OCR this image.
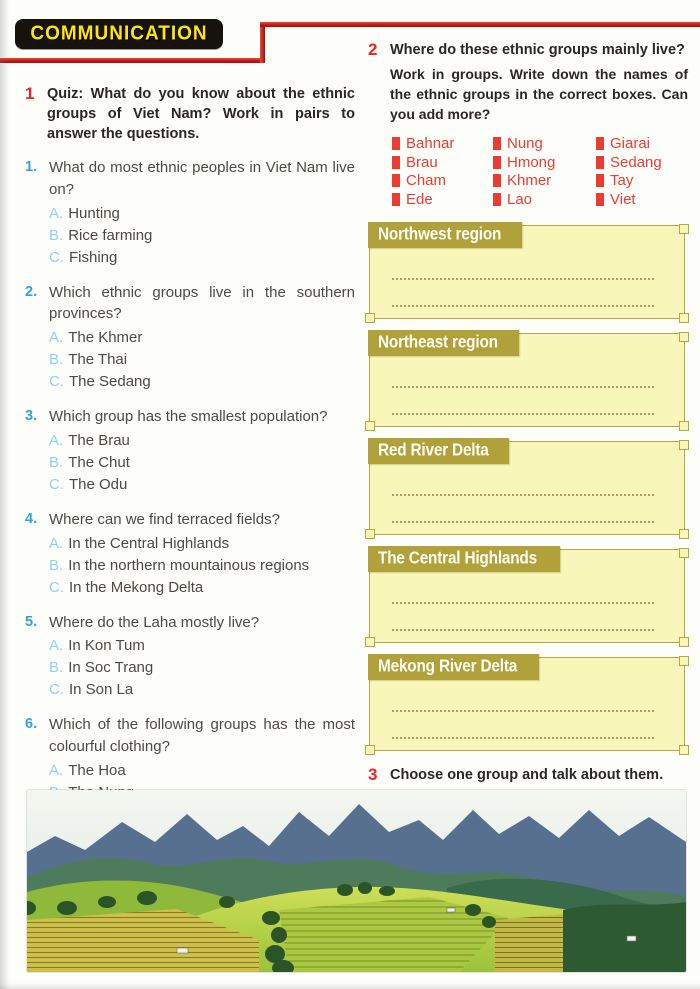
COMMUNICATION
1 Quiz: What do you know about the ethnic groups of Viet Nam? Work in pairs to answer the questions.

1. What do most ethnic peoples in Viet Nam live on?

A. Hunting
B. Rice farming
C. Fishing
2. Which ethnic groups live in the southern provinces?

A. The Khmer
B. The Thai
C. The Sedang
3. Which group has the smallest population?

A. The Brau
B. The Chut
C. The Odu
4. Where can we find terraced fields?

A. In the Central Highlands
B. In the northern mountainous regions
C. In the Mekong Delta
5. Where do the Laha mostly live?

A. In Kon Tum
B. In Soc Trang
C. In Son La
6. Which of the following groups has the most colourful clothing?

A. The Hoa
2 Where do these ethnic groups mainly live?

Work in groups. Write down the names of the ethnic groups in the correct boxes. Can you add more?

Bahnar	Nung	Giarai
Brau	Hmong	Sedang
Cham	Khmer	Tay
Ede	Lao	Viet
Northwest region
Northeast region
Red River Delta
The Central Highlands
Mekong River Delta
3 Choose one group and talk about them.
